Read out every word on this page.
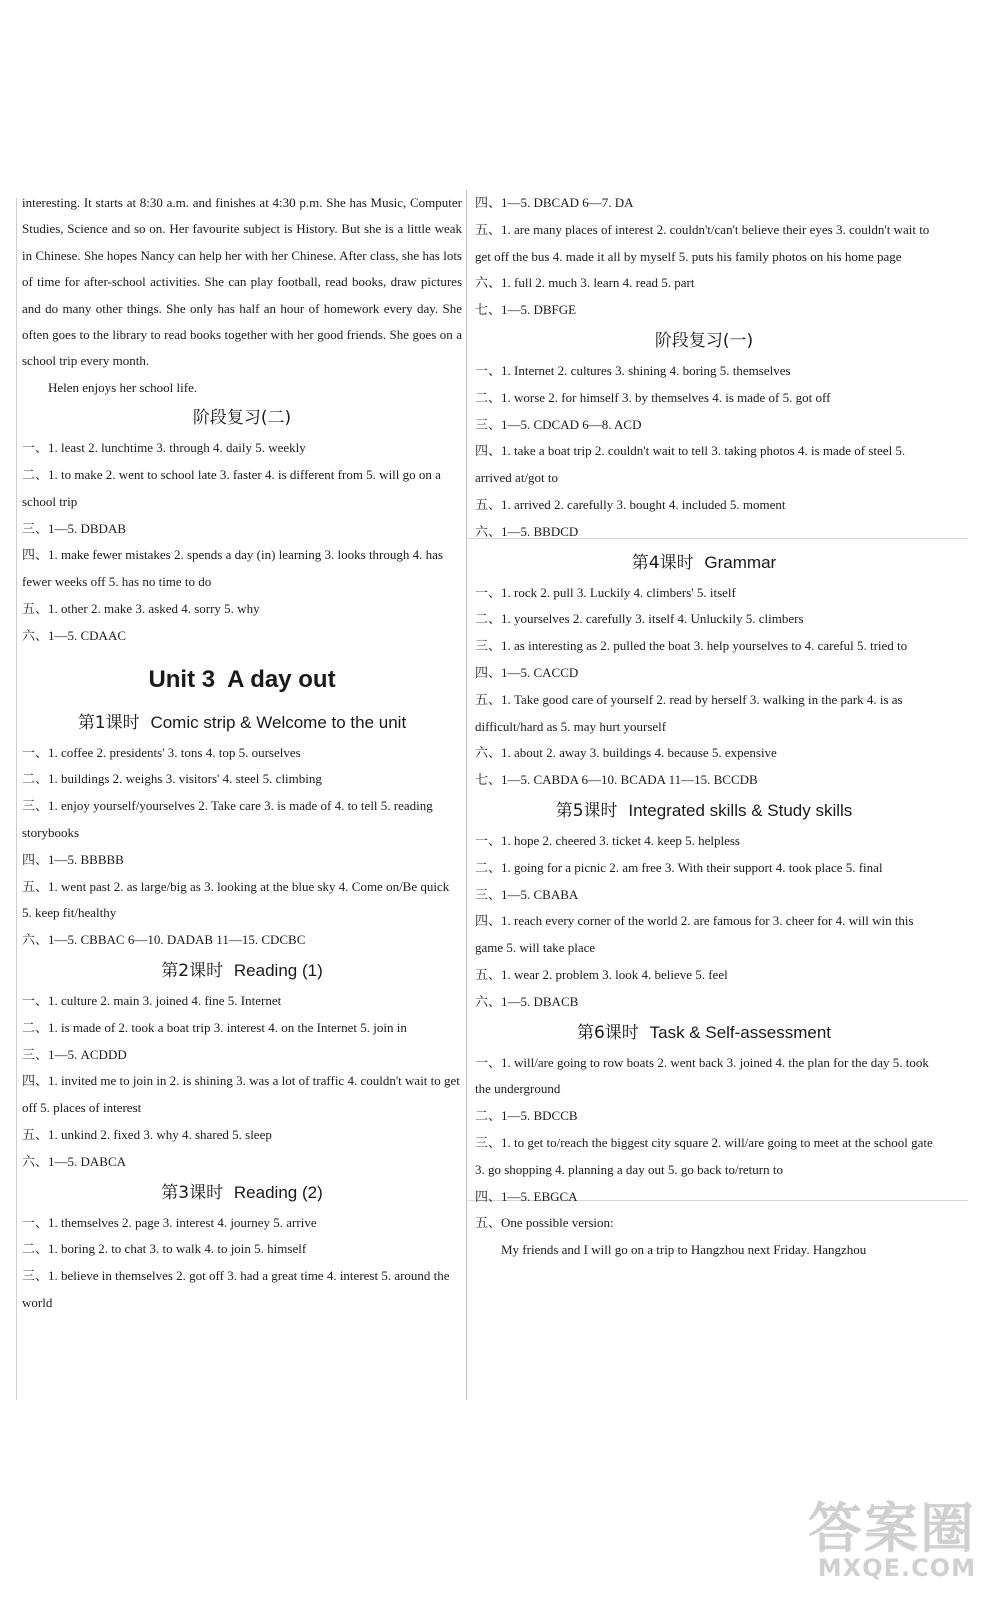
interesting. It starts at 8:30 a.m. and finishes at 4:30 p.m. She has Music, Computer Studies, Science and so on. Her favourite subject is History. But she is a little weak in Chinese. She hopes Nancy can help her with her Chinese. After class, she has lots of time for after-school activities. She can play football, read books, draw pictures and do many other things. She only has half an hour of homework every day. She often goes to the library to read books together with her good friends. She goes on a school trip every month.

Helen enjoys her school life.

阶段复习(二)

一、1. least 2. lunchtime 3. through 4. daily 5. weekly

二、1. to make 2. went to school late 3. faster 4. is different from 5. will go on a school trip

三、1—5. DBDAB

四、1. make fewer mistakes 2. spends a day (in) learning 3. looks through 4. has fewer weeks off 5. has no time to do

五、1. other 2. make 3. asked 4. sorry 5. why

六、1—5. CDAAC

Unit 3 A day out
第1课时 Comic strip & Welcome to the unit

一、1. coffee 2. presidents' 3. tons 4. top 5. ourselves

二、1. buildings 2. weighs 3. visitors' 4. steel 5. climbing

三、1. enjoy yourself/yourselves 2. Take care 3. is made of 4. to tell 5. reading storybooks

四、1—5. BBBBB

五、1. went past 2. as large/big as 3. looking at the blue sky 4. Come on/Be quick 5. keep fit/healthy

六、1—5. CBBAC 6—10. DADAB 11—15. CDCBC

第2课时 Reading (1)

一、1. culture 2. main 3. joined 4. fine 5. Internet

二、1. is made of 2. took a boat trip 3. interest 4. on the Internet 5. join in

三、1—5. ACDDD

四、1. invited me to join in 2. is shining 3. was a lot of traffic 4. couldn't wait to get off 5. places of interest

五、1. unkind 2. fixed 3. why 4. shared 5. sleep

六、1—5. DABCA

第3课时 Reading (2)

一、1. themselves 2. page 3. interest 4. journey 5. arrive

二、1. boring 2. to chat 3. to walk 4. to join 5. himself

三、1. believe in themselves 2. got off 3. had a great time 4. interest 5. around the world

四、1—5. DBCAD 6—7. DA

五、1. are many places of interest 2. couldn't/can't believe their eyes 3. couldn't wait to get off the bus 4. made it all by myself 5. puts his family photos on his home page

六、1. full 2. much 3. learn 4. read 5. part

七、1—5. DBFGE

阶段复习(一)

一、1. Internet 2. cultures 3. shining 4. boring 5. themselves

二、1. worse 2. for himself 3. by themselves 4. is made of 5. got off

三、1—5. CDCAD 6—8. ACD

四、1. take a boat trip 2. couldn't wait to tell 3. taking photos 4. is made of steel 5. arrived at/got to

五、1. arrived 2. carefully 3. bought 4. included 5. moment

六、1—5. BBDCD

第4课时 Grammar

一、1. rock 2. pull 3. Luckily 4. climbers' 5. itself

二、1. yourselves 2. carefully 3. itself 4. Unluckily 5. climbers

三、1. as interesting as 2. pulled the boat 3. help yourselves to 4. careful 5. tried to

四、1—5. CACCD

五、1. Take good care of yourself 2. read by herself 3. walking in the park 4. is as difficult/hard as 5. may hurt yourself

六、1. about 2. away 3. buildings 4. because 5. expensive

七、1—5. CABDA 6—10. BCADA 11—15. BCCDB

第5课时 Integrated skills & Study skills

一、1. hope 2. cheered 3. ticket 4. keep 5. helpless

二、1. going for a picnic 2. am free 3. With their support 4. took place 5. final

三、1—5. CBABA

四、1. reach every corner of the world 2. are famous for 3. cheer for 4. will win this game 5. will take place

五、1. wear 2. problem 3. look 4. believe 5. feel

六、1—5. DBACB

第6课时 Task & Self-assessment

一、1. will/are going to row boats 2. went back 3. joined 4. the plan for the day 5. took the underground

二、1—5. BDCCB

三、1. to get to/reach the biggest city square 2. will/are going to meet at the school gate 3. go shopping 4. planning a day out 5. go back to/return to

四、1—5. EBGCA

五、One possible version:

My friends and I will go on a trip to Hangzhou next Friday. Hangzhou

答案圈
MXQE.COM
